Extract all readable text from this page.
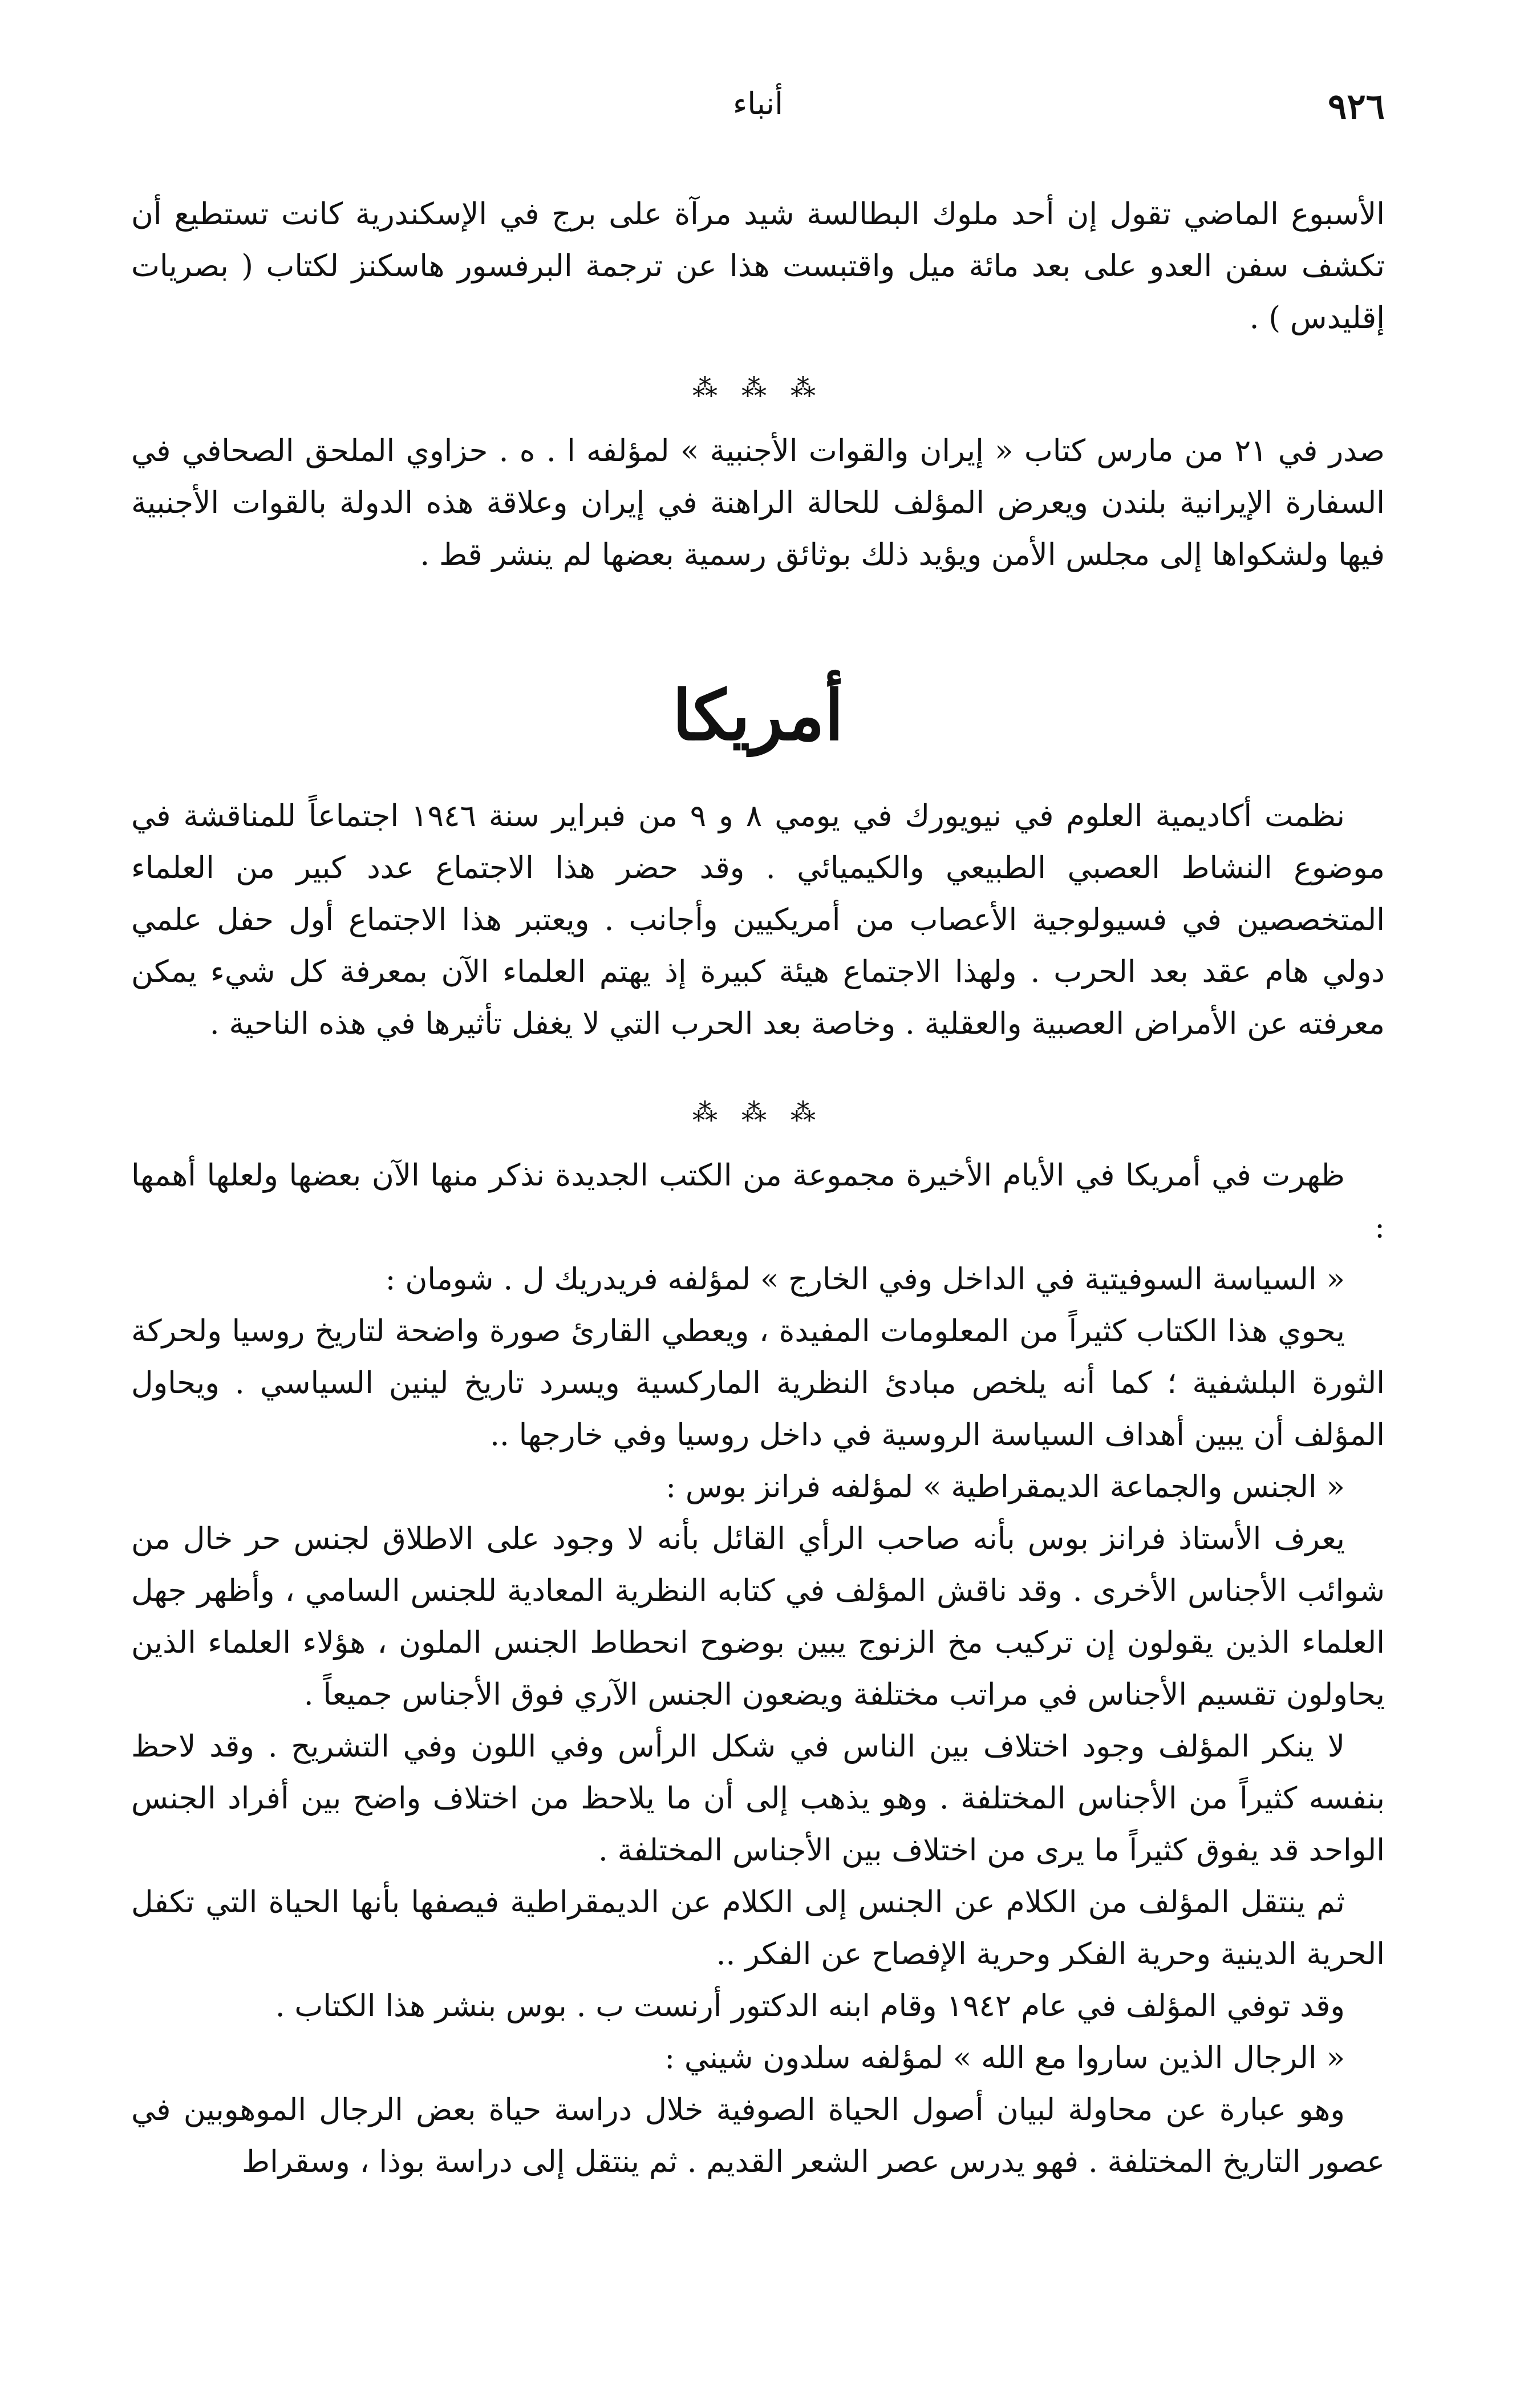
٩٢٦
أنباء

الأسبوع الماضي تقول إن أحد ملوك البطالسة شيد مرآة على برج في الإسكندرية كانت تستطيع أن تكشف سفن العدو على بعد مائة ميل واقتبست هذا عن ترجمة البرفسور هاسكنز لكتاب ( بصريات إقليدس ) .

⁂ ⁂ ⁂

صدر في ٢١ من مارس كتاب « إيران والقوات الأجنبية » لمؤلفه ا . ه . حزاوي الملحق الصحافي في السفارة الإيرانية بلندن ويعرض المؤلف للحالة الراهنة في إيران وعلاقة هذه الدولة بالقوات الأجنبية فيها ولشكواها إلى مجلس الأمن ويؤيد ذلك بوثائق رسمية بعضها لم ينشر قط .

أمريكا

نظمت أكاديمية العلوم في نيويورك في يومي ٨ و ٩ من فبراير سنة ١٩٤٦ اجتماعاً للمناقشة في موضوع النشاط العصبي الطبيعي والكيميائي . وقد حضر هذا الاجتماع عدد كبير من العلماء المتخصصين في فسيولوجية الأعصاب من أمريكيين وأجانب . ويعتبر هذا الاجتماع أول حفل علمي دولي هام عقد بعد الحرب . ولهذا الاجتماع هيئة كبيرة إذ يهتم العلماء الآن بمعرفة كل شيء يمكن معرفته عن الأمراض العصبية والعقلية . وخاصة بعد الحرب التي لا يغفل تأثيرها في هذه الناحية .

⁂ ⁂ ⁂

ظهرت في أمريكا في الأيام الأخيرة مجموعة من الكتب الجديدة نذكر منها الآن بعضها ولعلها أهمها :

« السياسة السوفيتية في الداخل وفي الخارج » لمؤلفه فريدريك ل . شومان :

يحوي هذا الكتاب كثيراً من المعلومات المفيدة ، ويعطي القارئ صورة واضحة لتاريخ روسيا ولحركة الثورة البلشفية ؛ كما أنه يلخص مبادئ النظرية الماركسية ويسرد تاريخ لينين السياسي . ويحاول المؤلف أن يبين أهداف السياسة الروسية في داخل روسيا وفي خارجها ..

« الجنس والجماعة الديمقراطية » لمؤلفه فرانز بوس :

يعرف الأستاذ فرانز بوس بأنه صاحب الرأي القائل بأنه لا وجود على الاطلاق لجنس حر خال من شوائب الأجناس الأخرى . وقد ناقش المؤلف في كتابه النظرية المعادية للجنس السامي ، وأظهر جهل العلماء الذين يقولون إن تركيب مخ الزنوج يبين بوضوح انحطاط الجنس الملون ، هؤلاء العلماء الذين يحاولون تقسيم الأجناس في مراتب مختلفة ويضعون الجنس الآري فوق الأجناس جميعاً .

لا ينكر المؤلف وجود اختلاف بين الناس في شكل الرأس وفي اللون وفي التشريح . وقد لاحظ بنفسه كثيراً من الأجناس المختلفة . وهو يذهب إلى أن ما يلاحظ من اختلاف واضح بين أفراد الجنس الواحد قد يفوق كثيراً ما يرى من اختلاف بين الأجناس المختلفة .

ثم ينتقل المؤلف من الكلام عن الجنس إلى الكلام عن الديمقراطية فيصفها بأنها الحياة التي تكفل الحرية الدينية وحرية الفكر وحرية الإفصاح عن الفكر ..

وقد توفي المؤلف في عام ١٩٤٢ وقام ابنه الدكتور أرنست ب . بوس بنشر هذا الكتاب .

« الرجال الذين ساروا مع الله » لمؤلفه سلدون شيني :

وهو عبارة عن محاولة لبيان أصول الحياة الصوفية خلال دراسة حياة بعض الرجال الموهوبين في عصور التاريخ المختلفة . فهو يدرس عصر الشعر القديم . ثم ينتقل إلى دراسة بوذا ، وسقراط
